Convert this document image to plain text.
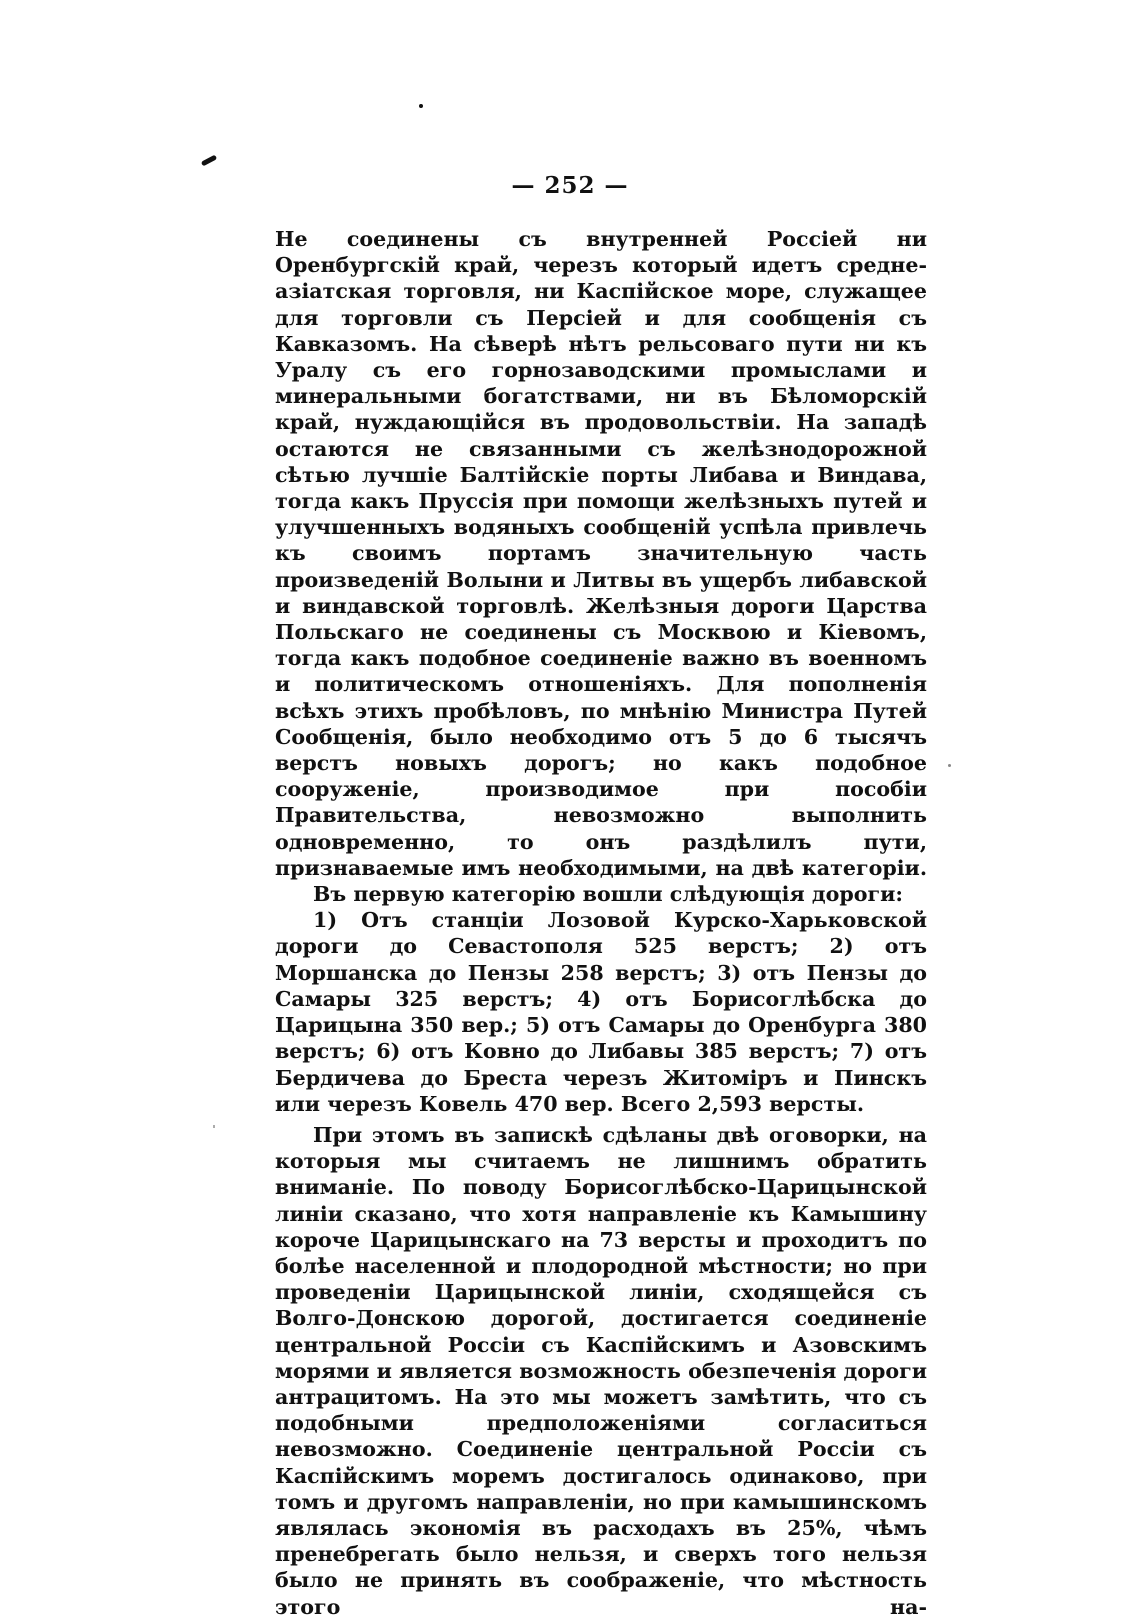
— 252 —

Не соединены съ внутренней Россіей ни Оренбургскій край, черезъ который идетъ средне-азіатская торговля, ни Каспійское море, служащее для торговли съ Персіей и для сообщенія съ Кавказомъ. На сѣверѣ нѣтъ рельсоваго пути ни къ Уралу съ его горнозаводскими промыслами и минеральными богатствами, ни въ Бѣломорскій край, нуждающійся въ продовольствіи. На западѣ остаются не связанными съ желѣзнодорожной сѣтью лучшіе Балтійскіе порты Либава и Виндава, тогда какъ Пруссія при помощи желѣзныхъ путей и улучшенныхъ водяныхъ сообщеній успѣла привлечь къ своимъ портамъ значительную часть произведеній Волыни и Литвы въ ущербъ либавской и виндавской торговлѣ. Желѣзныя дороги Царства Польскаго не соединены съ Москвою и Кіевомъ, тогда какъ подобное соединеніе важно въ военномъ и политическомъ отношеніяхъ. Для пополненія всѣхъ этихъ пробѣловъ, по мнѣнію Министра Путей Сообщенія, было необходимо отъ 5 до 6 тысячъ верстъ новыхъ дорогъ; но какъ подобное сооруженіе, производимое при пособіи Правительства, невозможно выполнить одновременно, то онъ раздѣлилъ пути, признаваемые имъ необходимыми, на двѣ категоріи.

Въ первую категорію вошли слѣдующія дороги:

1) Отъ станціи Лозовой Курско-Харьковской дороги до Севастополя 525 верстъ; 2) отъ Моршанска до Пензы 258 верстъ; 3) отъ Пензы до Самары 325 верстъ; 4) отъ Борисоглѣбска до Царицына 350 вер.; 5) отъ Самары до Оренбурга 380 верстъ; 6) отъ Ковно до Либавы 385 верстъ; 7) отъ Бердичева до Бреста черезъ Житоміръ и Пинскъ или черезъ Ковель 470 вер. Всего 2,593 версты.

При этомъ въ запискѣ сдѣланы двѣ оговорки, на которыя мы считаемъ не лишнимъ обратить вниманіе. По поводу Борисоглѣбско-Царицынской линіи сказано, что хотя направленіе къ Камышину короче Царицынскаго на 73 версты и проходитъ по болѣе населенной и плодородной мѣстности; но при проведеніи Царицынской линіи, сходящейся съ Волго-Донскою дорогой, достигается соединеніе центральной Россіи съ Каспійскимъ и Азовскимъ морями и является возможность обезпеченія дороги антрацитомъ. На это мы можетъ замѣтить, что съ подобными предположеніями согласиться невозможно. Соединеніе центральной Россіи съ Каспійскимъ моремъ достигалось одинаково, при томъ и другомъ направленіи, но при камышинскомъ являлась экономія въ расходахъ въ 25%, чѣмъ пренебрегать было нельзя, и сверхъ того нельзя было не принять въ соображеніе, что мѣстность этого на-
